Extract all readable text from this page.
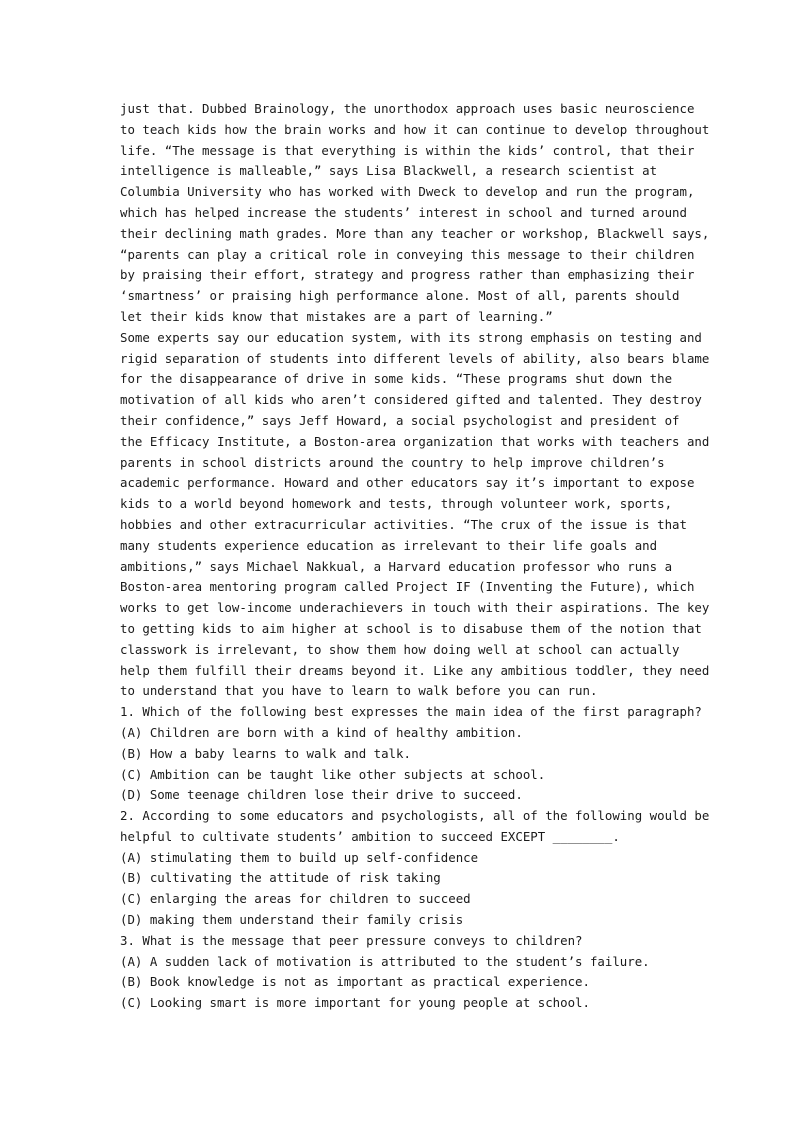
just that. Dubbed Brainology, the unorthodox approach uses basic neuroscience
to teach kids how the brain works and how it can continue to develop throughout
life. “The message is that everything is within the kids’ control, that their
intelligence is malleable,” says Lisa Blackwell, a research scientist at
Columbia University who has worked with Dweck to develop and run the program,
which has helped increase the students’ interest in school and turned around
their declining math grades. More than any teacher or workshop, Blackwell says,
“parents can play a critical role in conveying this message to their children
by praising their effort, strategy and progress rather than emphasizing their
‘smartness’ or praising high performance alone. Most of all, parents should
let their kids know that mistakes are a part of learning.”
Some experts say our education system, with its strong emphasis on testing and
rigid separation of students into different levels of ability, also bears blame
for the disappearance of drive in some kids. “These programs shut down the
motivation of all kids who aren’t considered gifted and talented. They destroy
their confidence,” says Jeff Howard, a social psychologist and president of
the Efficacy Institute, a Boston-area organization that works with teachers and
parents in school districts around the country to help improve children’s
academic performance. Howard and other educators say it’s important to expose
kids to a world beyond homework and tests, through volunteer work, sports,
hobbies and other extracurricular activities. “The crux of the issue is that
many students experience education as irrelevant to their life goals and
ambitions,” says Michael Nakkual, a Harvard education professor who runs a
Boston-area mentoring program called Project IF (Inventing the Future), which
works to get low-income underachievers in touch with their aspirations. The key
to getting kids to aim higher at school is to disabuse them of the notion that
classwork is irrelevant, to show them how doing well at school can actually
help them fulfill their dreams beyond it. Like any ambitious toddler, they need
to understand that you have to learn to walk before you can run.
1. Which of the following best expresses the main idea of the first paragraph?
(A) Children are born with a kind of healthy ambition.
(B) How a baby learns to walk and talk.
(C) Ambition can be taught like other subjects at school.
(D) Some teenage children lose their drive to succeed.
2. According to some educators and psychologists, all of the following would be
helpful to cultivate students’ ambition to succeed EXCEPT ________.
(A) stimulating them to build up self-confidence
(B) cultivating the attitude of risk taking
(C) enlarging the areas for children to succeed
(D) making them understand their family crisis
3. What is the message that peer pressure conveys to children?
(A) A sudden lack of motivation is attributed to the student’s failure.
(B) Book knowledge is not as important as practical experience.
(C) Looking smart is more important for young people at school.
